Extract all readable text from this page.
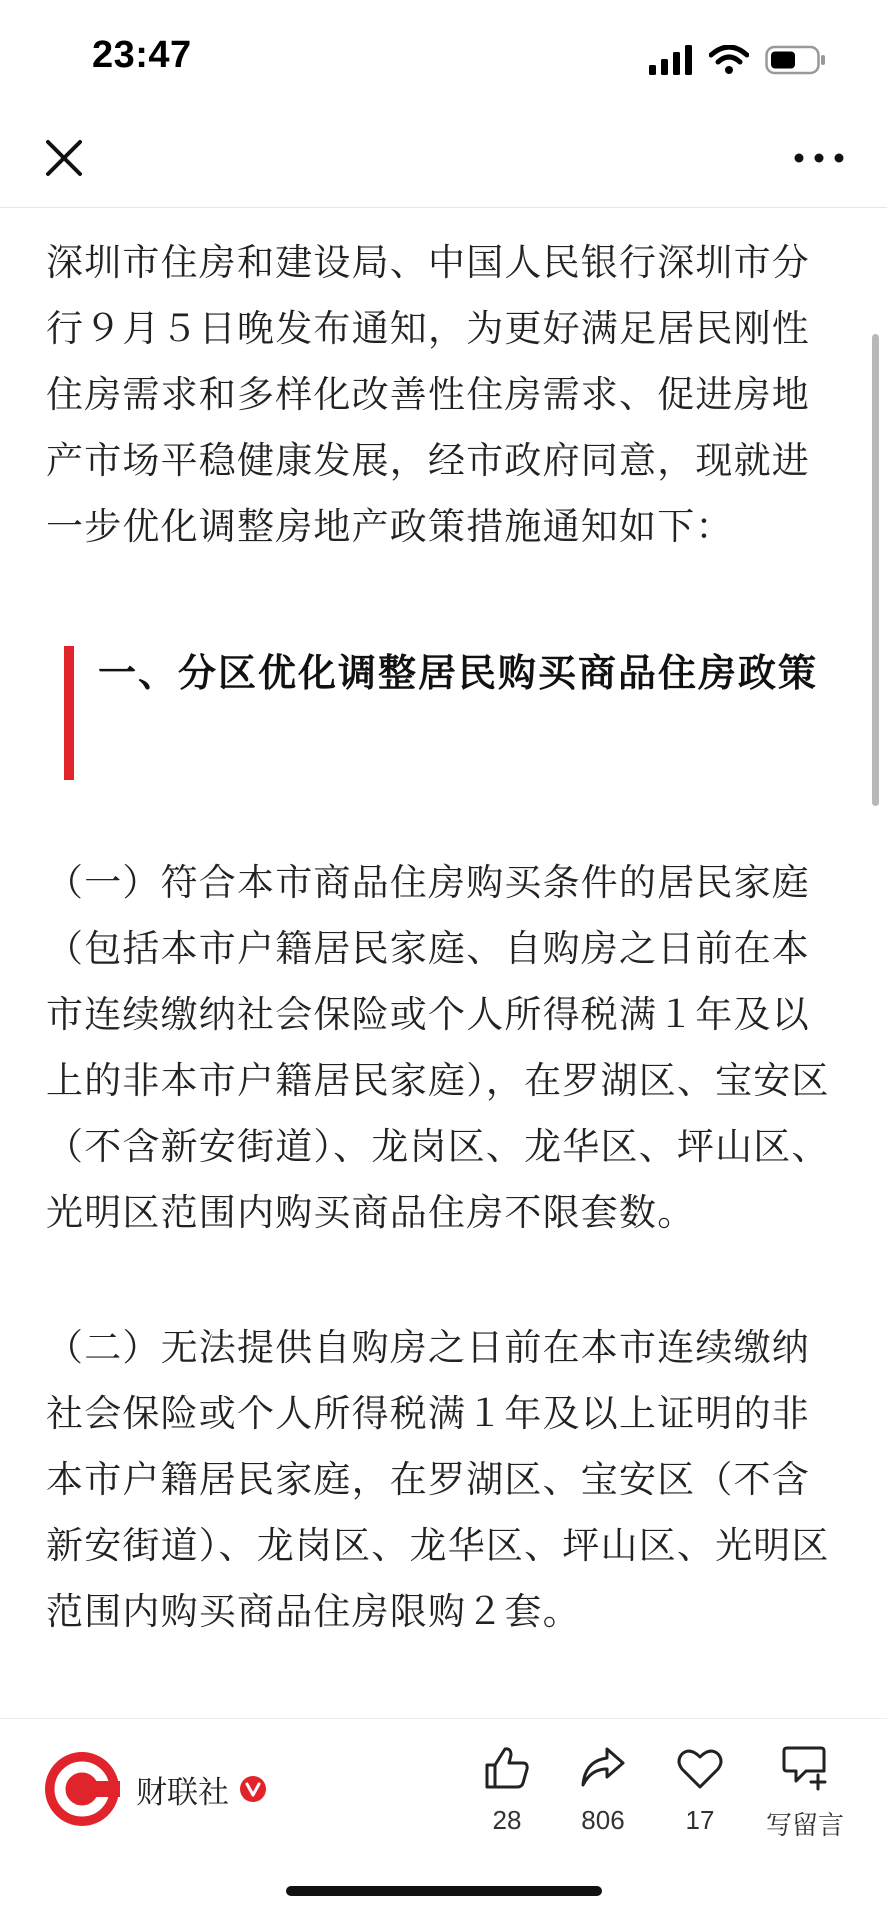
23:47

深圳市住房和建设局、中国人民银行深圳市分行９月５日晚发布通知，为更好满足居民刚性住房需求和多样化改善性住房需求、促进房地产市场平稳健康发展，经市政府同意，现就进一步优化调整房地产政策措施通知如下：

一、分区优化调整居民购买商品住房政策

（一）符合本市商品住房购买条件的居民家庭（包括本市户籍居民家庭、自购房之日前在本市连续缴纳社会保险或个人所得税满１年及以上的非本市户籍居民家庭），在罗湖区、宝安区（不含新安街道）、龙岗区、龙华区、坪山区、光明区范围内购买商品住房不限套数。

（二）无法提供自购房之日前在本市连续缴纳社会保险或个人所得税满１年及以上证明的非本市户籍居民家庭，在罗湖区、宝安区（不含新安街道）、龙岗区、龙华区、坪山区、光明区范围内购买商品住房限购２套。

财联社
28	806	17	写留言
